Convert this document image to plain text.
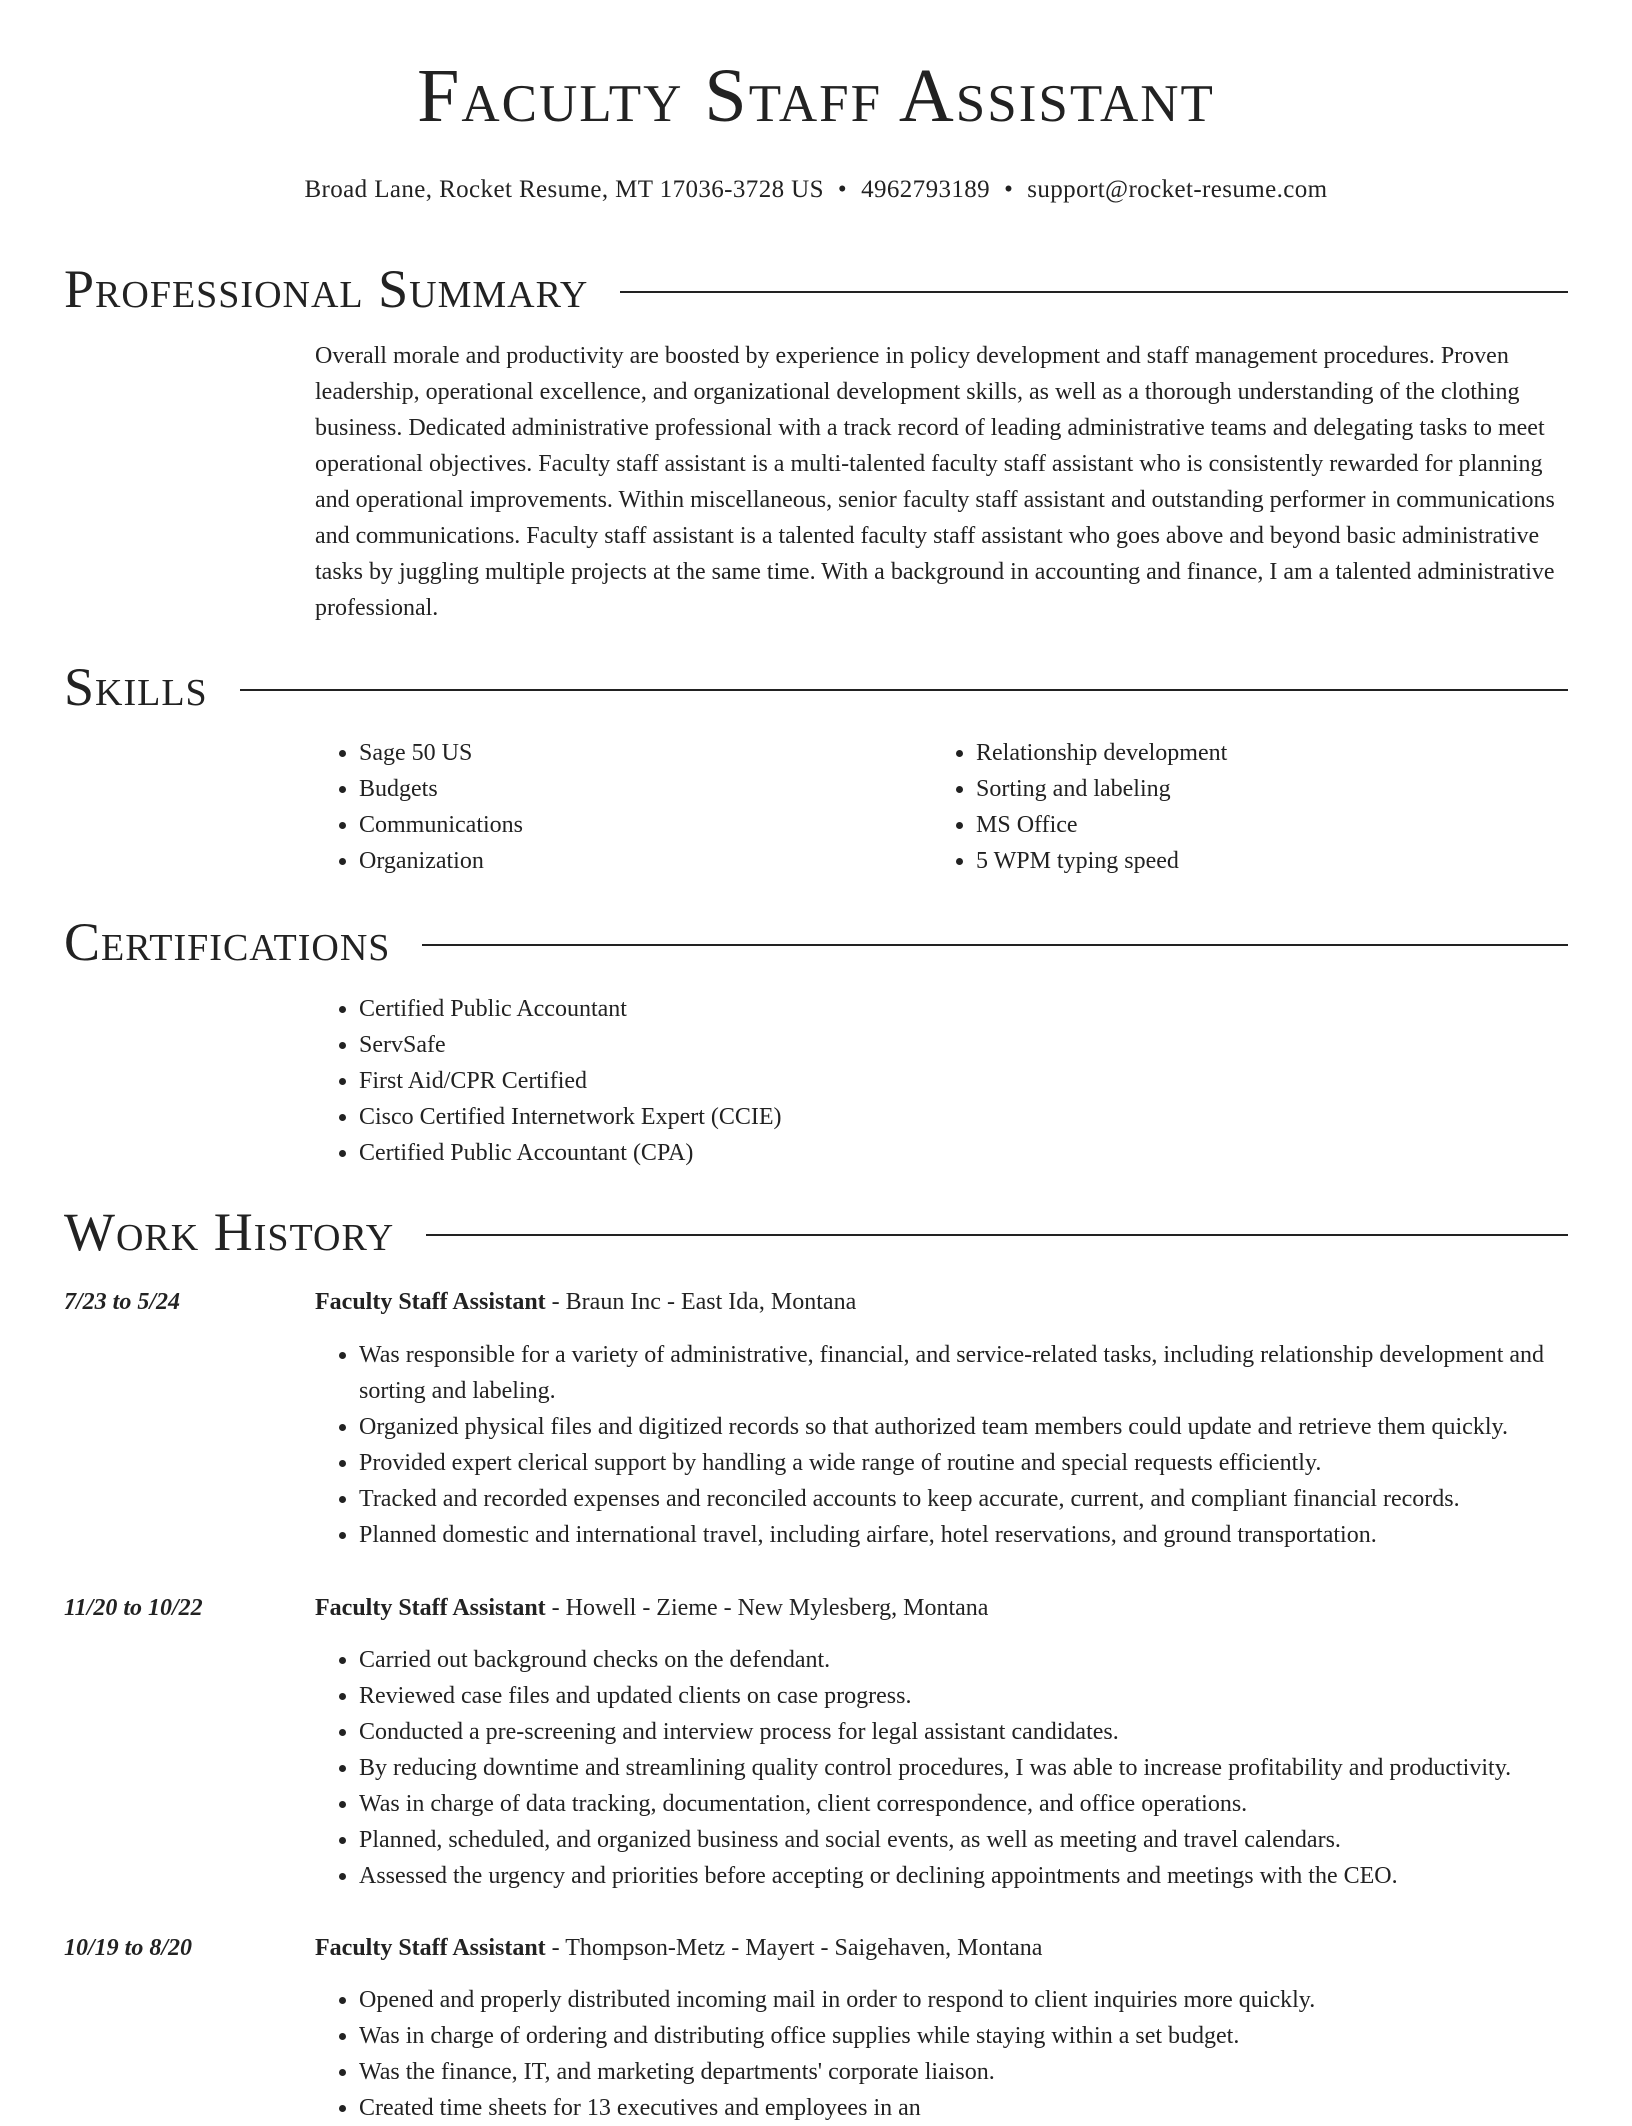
Faculty Staff Assistant
Broad Lane, Rocket Resume, MT 17036-3728 US • 4962793189 • support@rocket-resume.com
Professional Summary
Overall morale and productivity are boosted by experience in policy development and staff management procedures. Proven leadership, operational excellence, and organizational development skills, as well as a thorough understanding of the clothing business. Dedicated administrative professional with a track record of leading administrative teams and delegating tasks to meet operational objectives. Faculty staff assistant is a multi-talented faculty staff assistant who is consistently rewarded for planning and operational improvements. Within miscellaneous, senior faculty staff assistant and outstanding performer in communications and communications. Faculty staff assistant is a talented faculty staff assistant who goes above and beyond basic administrative tasks by juggling multiple projects at the same time. With a background in accounting and finance, I am a talented administrative professional.
Skills
• Sage 50 US
• Budgets
• Communications
• Organization
• Relationship development
• Sorting and labeling
• MS Office
• 5 WPM typing speed
Certifications
• Certified Public Accountant
• ServSafe
• First Aid/CPR Certified
• Cisco Certified Internetwork Expert (CCIE)
• Certified Public Accountant (CPA)
Work History
7/23 to 5/24	Faculty Staff Assistant - Braun Inc - East Ida, Montana
• Was responsible for a variety of administrative, financial, and service-related tasks, including relationship development and sorting and labeling.
• Organized physical files and digitized records so that authorized team members could update and retrieve them quickly.
• Provided expert clerical support by handling a wide range of routine and special requests efficiently.
• Tracked and recorded expenses and reconciled accounts to keep accurate, current, and compliant financial records.
• Planned domestic and international travel, including airfare, hotel reservations, and ground transportation.
11/20 to 10/22	Faculty Staff Assistant - Howell - Zieme - New Mylesberg, Montana
• Carried out background checks on the defendant.
• Reviewed case files and updated clients on case progress.
• Conducted a pre-screening and interview process for legal assistant candidates.
• By reducing downtime and streamlining quality control procedures, I was able to increase profitability and productivity.
• Was in charge of data tracking, documentation, client correspondence, and office operations.
• Planned, scheduled, and organized business and social events, as well as meeting and travel calendars.
• Assessed the urgency and priorities before accepting or declining appointments and meetings with the CEO.
10/19 to 8/20	Faculty Staff Assistant - Thompson-Metz - Mayert - Saigehaven, Montana
• Opened and properly distributed incoming mail in order to respond to client inquiries more quickly.
• Was in charge of ordering and distributing office supplies while staying within a set budget.
• Was the finance, IT, and marketing departments' corporate liaison.
• Created time sheets for 13 executives and employees in an
